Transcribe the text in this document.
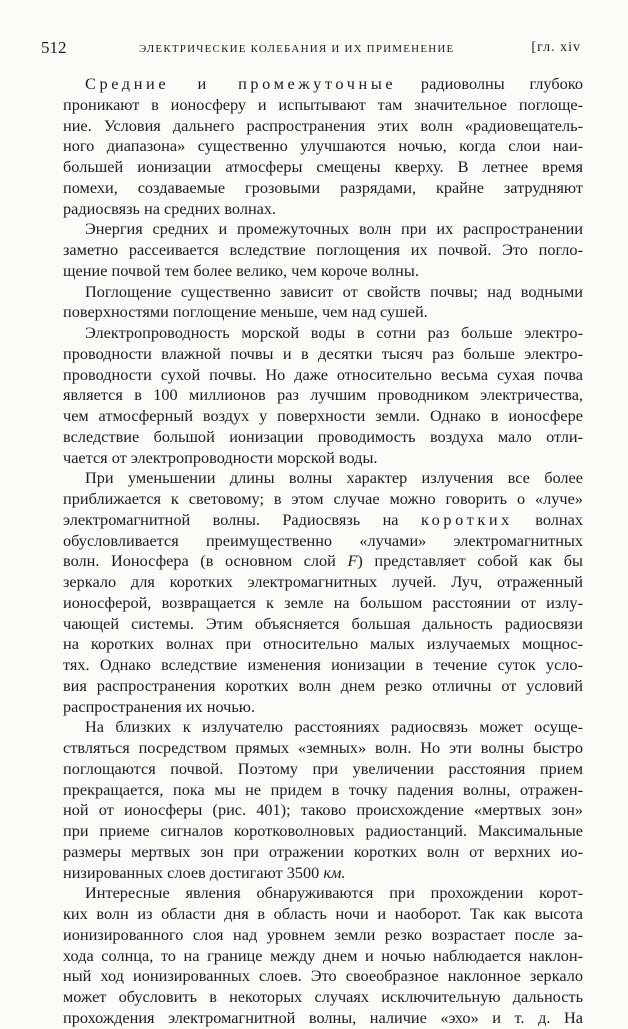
512	ЭЛЕКТРИЧЕСКИЕ КОЛЕБАНИЯ И ИХ ПРИМЕНЕНИЕ	[гл. xiv
Средние и промежуточные радиоволны глубоко
проникают в ионосферу и испытывают там значительное поглоще-
ние. Условия дальнего распространения этих волн «радиовещатель-
ного диапазона» существенно улучшаются ночью, когда слои наи-
большей ионизации атмосферы смещены кверху. В летнее время
помехи, создаваемые грозовыми разрядами, крайне затрудняют
радиосвязь на средних волнах.
Энергия средних и промежуточных волн при их распространении
заметно рассеивается вследствие поглощения их почвой. Это погло-
щение почвой тем более велико, чем короче волны.
Поглощение существенно зависит от свойств почвы; над водными
поверхностями поглощение меньше, чем над сушей.
Электропроводность морской воды в сотни раз больше электро-
проводности влажной почвы и в десятки тысяч раз больше электро-
проводности сухой почвы. Но даже относительно весьма сухая почва
является в 100 миллионов раз лучшим проводником электричества,
чем атмосферный воздух у поверхности земли. Однако в ионосфере
вследствие большой ионизации проводимость воздуха мало отли-
чается от электропроводности морской воды.
При уменьшении длины волны характер излучения все более
приближается к световому; в этом случае можно говорить о «луче»
электромагнитной волны. Радиосвязь на коротких волнах
обусловливается преимущественно «лучами» электромагнитных
волн. Ионосфера (в основном слой F) представляет собой как бы
зеркало для коротких электромагнитных лучей. Луч, отраженный
ионосферой, возвращается к земле на большом расстоянии от излу-
чающей системы. Этим объясняется большая дальность радиосвязи
на коротких волнах при относительно малых излучаемых мощнос-
тях. Однако вследствие изменения ионизации в течение суток усло-
вия распространения коротких волн днем резко отличны от условий
распространения их ночью.
На близких к излучателю расстояниях радиосвязь может осуще-
ствляться посредством прямых «земных» волн. Но эти волны быстро
поглощаются почвой. Поэтому при увеличении расстояния прием
прекращается, пока мы не придем в точку падения волны, отражен-
ной от ионосферы (рис. 401); таково происхождение «мертвых зон»
при приеме сигналов коротковолновых радиостанций. Максимальные
размеры мертвых зон при отражении коротких волн от верхних ио-
низированных слоев достигают 3500 км.
Интересные явления обнаруживаются при прохождении корот-
ких волн из области дня в область ночи и наоборот. Так как высота
ионизированного слоя над уровнем земли резко возрастает после за-
хода солнца, то на границе между днем и ночью наблюдается наклон-
ный ход ионизированных слоев. Это своеобразное наклонное зеркало
может обусловить в некоторых случаях исключительную дальность
прохождения электромагнитной волны, наличие «эхо» и т. д. На
